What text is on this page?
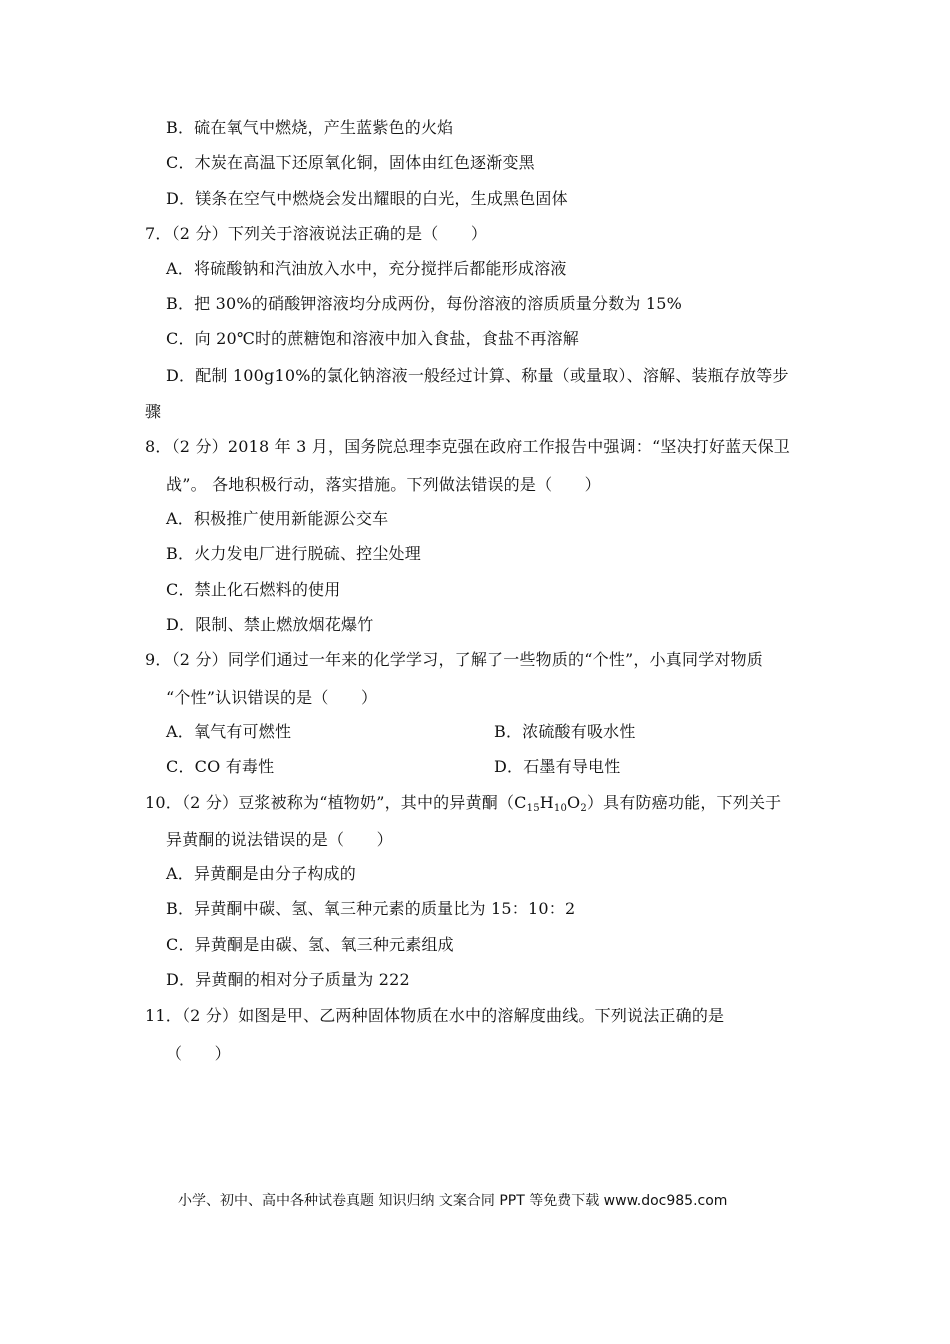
B．硫在氧气中燃烧，产生蓝紫色的火焰
C．木炭在高温下还原氧化铜，固体由红色逐渐变黑
D．镁条在空气中燃烧会发出耀眼的白光，生成黑色固体
7．（2 分）下列关于溶液说法正确的是（　　）
A．将硫酸钠和汽油放入水中，充分搅拌后都能形成溶液
B．把 30%的硝酸钾溶液均分成两份，每份溶液的溶质质量分数为 15%
C．向 20℃时的蔗糖饱和溶液中加入食盐，食盐不再溶解
D．配制 100g10%的氯化钠溶液一般经过计算、称量（或量取）、溶解、装瓶存放等步
骤
8．（2 分）2018 年 3 月，国务院总理李克强在政府工作报告中强调：“坚决打好蓝天保卫
战”。 各地积极行动，落实措施。下列做法错误的是（　　）
A．积极推广使用新能源公交车
B．火力发电厂进行脱硫、控尘处理
C．禁止化石燃料的使用
D．限制、禁止燃放烟花爆竹
9．（2 分）同学们通过一年来的化学学习，了解了一些物质的“个性”，小真同学对物质
“个性”认识错误的是（　　）
A．氧气有可燃性	B．浓硫酸有吸水性
C．CO 有毒性	D．石墨有导电性
10．（2 分）豆浆被称为“植物奶”，其中的异黄酮$(C_{15}H_{10}O_2)$具有防癌功能，下列关于
异黄酮的说法错误的是（　　）
A．异黄酮是由分子构成的
B．异黄酮中碳、氢、氧三种元素的质量比为 15：10：2
C．异黄酮是由碳、氢、氧三种元素组成
D．异黄酮的相对分子质量为 222
11．（2 分）如图是甲、乙两种固体物质在水中的溶解度曲线。下列说法正确的是
（　　）
小学、初中、高中各种试卷真题 知识归纳 文案合同 PPT 等免费下载 www.doc985.com
